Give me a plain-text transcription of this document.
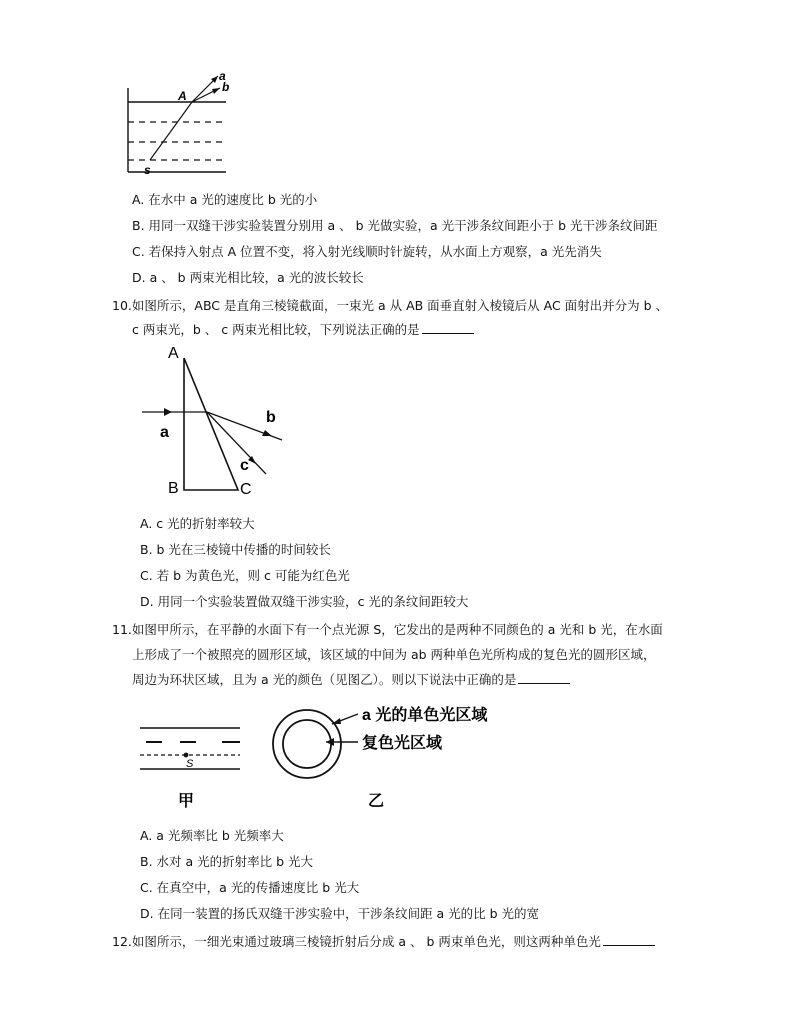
a
b
A
s
A. 在水中 a 光的速度比 b 光的小
B. 用同一双缝干涉实验装置分别用 a 、 b 光做实验，a 光干涉条纹间距小于 b 光干涉条纹间距
C. 若保持入射点 A 位置不变，将入射光线顺时针旋转，从水面上方观察，a 光先消失
D. a 、 b 两束光相比较，a 光的波长较长
10.如图所示，ABC 是直角三棱镜截面，一束光 a 从 AB 面垂直射入棱镜后从 AC 面射出并分为 b 、
c 两束光，b 、 c 两束光相比较，下列说法正确的是
A
B	C
a
b
c
A. c 光的折射率较大
B. b 光在三棱镜中传播的时间较长
C. 若 b 为黄色光，则 c 可能为红色光
D. 用同一个实验装置做双缝干涉实验，c 光的条纹间距较大
11.如图甲所示，在平静的水面下有一个点光源 S，它发出的是两种不同颜色的 a 光和 b 光，在水面
上形成了一个被照亮的圆形区域，该区域的中间为 ab 两种单色光所构成的复色光的圆形区域，
周边为环状区域，且为 a 光的颜色（见图乙）。则以下说法中正确的是
S
甲
a 光的单色光区域
复色光区域
乙
A. a 光频率比 b 光频率大
B. 水对 a 光的折射率比 b 光大
C. 在真空中，a 光的传播速度比 b 光大
D. 在同一装置的扬氏双缝干涉实验中，干涉条纹间距 a 光的比 b 光的宽
12.如图所示，一细光束通过玻璃三棱镜折射后分成 a 、 b 两束单色光，则这两种单色光
